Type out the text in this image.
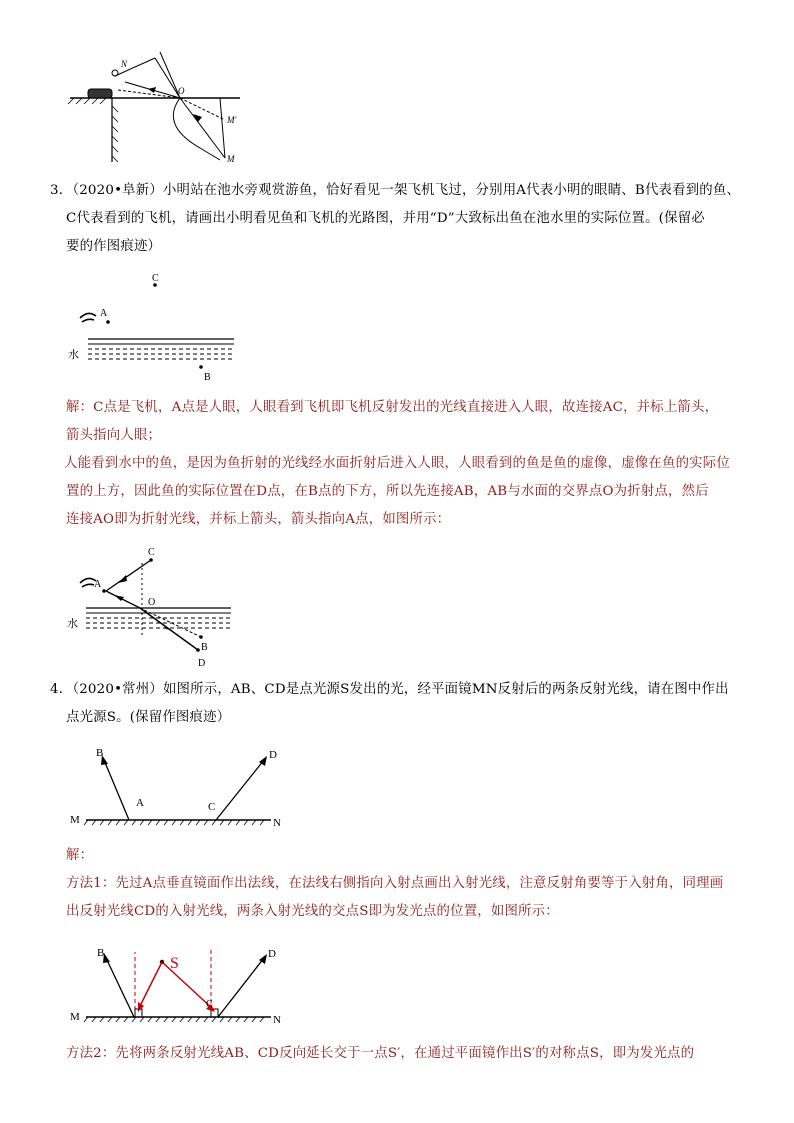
N
O
M′
M
3．（2020•阜新）小明站在池水旁观赏游鱼，恰好看见一架飞机飞过，分别用A代表小明的眼睛、B代表看到的鱼、
C代表看到的飞机，请画出小明看见鱼和飞机的光路图，并用“D”大致标出鱼在池水里的实际位置。(保留必
要的作图痕迹）
C
A
水
B
解：C点是飞机，A点是人眼，人眼看到飞机即飞机反射发出的光线直接进入人眼，故连接AC，并标上箭头，
箭头指向人眼；
人能看到水中的鱼，是因为鱼折射的光线经水面折射后进入人眼，人眼看到的鱼是鱼的虚像，虚像在鱼的实际位
置的上方，因此鱼的实际位置在D点，在B点的下方，所以先连接AB，AB与水面的交界点O为折射点，然后
连接AO即为折射光线，并标上箭头，箭头指向A点，如图所示：
C
A
水
O
B
D
4．（2020•常州）如图所示，AB、CD是点光源S发出的光，经平面镜MN反射后的两条反射光线，请在图中作出
点光源S。(保留作图痕迹）
M	N
B
A
D
C
解：
方法1：先过A点垂直镜面作出法线，在法线右侧指向入射点画出入射光线，注意反射角要等于入射角，同理画
出反射光线CD的入射光线，两条入射光线的交点S即为发光点的位置，如图所示：
M	N
B	D
S
C
方法2：先将两条反射光线AB、CD反向延长交于一点S′，在通过平面镜作出S′的对称点S，即为发光点的
